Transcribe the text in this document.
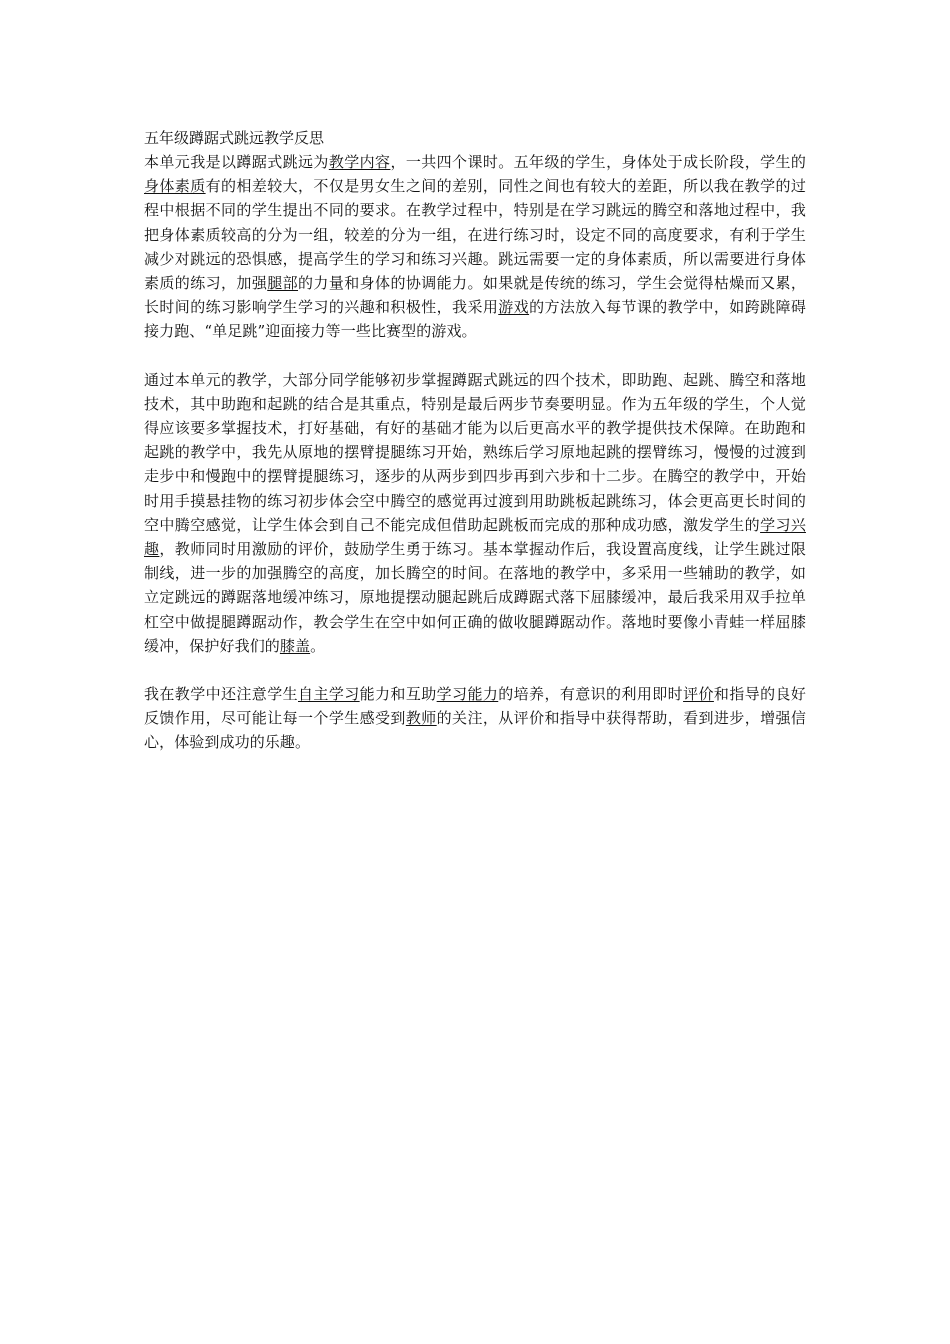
五年级蹲踞式跳远教学反思

本单元我是以蹲踞式跳远为教学内容，一共四个课时。五年级的学生，身体处于成长阶段，学生的身体素质有的相差较大，不仅是男女生之间的差别，同性之间也有较大的差距，所以我在教学的过程中根据不同的学生提出不同的要求。在教学过程中，特别是在学习跳远的腾空和落地过程中，我把身体素质较高的分为一组，较差的分为一组，在进行练习时，设定不同的高度要求，有利于学生减少对跳远的恐惧感，提高学生的学习和练习兴趣。跳远需要一定的身体素质，所以需要进行身体素质的练习，加强腿部的力量和身体的协调能力。如果就是传统的练习，学生会觉得枯燥而又累，长时间的练习影响学生学习的兴趣和积极性，我采用游戏的方法放入每节课的教学中，如跨跳障碍接力跑、“单足跳”迎面接力等一些比赛型的游戏。

通过本单元的教学，大部分同学能够初步掌握蹲踞式跳远的四个技术，即助跑、起跳、腾空和落地技术，其中助跑和起跳的结合是其重点，特别是最后两步节奏要明显。作为五年级的学生，个人觉得应该要多掌握技术，打好基础，有好的基础才能为以后更高水平的教学提供技术保障。在助跑和起跳的教学中，我先从原地的摆臂提腿练习开始，熟练后学习原地起跳的摆臂练习，慢慢的过渡到走步中和慢跑中的摆臂提腿练习，逐步的从两步到四步再到六步和十二步。在腾空的教学中，开始时用手摸悬挂物的练习初步体会空中腾空的感觉再过渡到用助跳板起跳练习，体会更高更长时间的空中腾空感觉，让学生体会到自己不能完成但借助起跳板而完成的那种成功感，激发学生的学习兴趣，教师同时用激励的评价，鼓励学生勇于练习。基本掌握动作后，我设置高度线，让学生跳过限制线，进一步的加强腾空的高度，加长腾空的时间。在落地的教学中，多采用一些辅助的教学，如立定跳远的蹲踞落地缓冲练习，原地提摆动腿起跳后成蹲踞式落下屈膝缓冲，最后我采用双手拉单杠空中做提腿蹲踞动作，教会学生在空中如何正确的做收腿蹲踞动作。落地时要像小青蛙一样屈膝缓冲，保护好我们的膝盖。

我在教学中还注意学生自主学习能力和互助学习能力的培养，有意识的利用即时评价和指导的良好反馈作用，尽可能让每一个学生感受到教师的关注，从评价和指导中获得帮助，看到进步，增强信心，体验到成功的乐趣。
